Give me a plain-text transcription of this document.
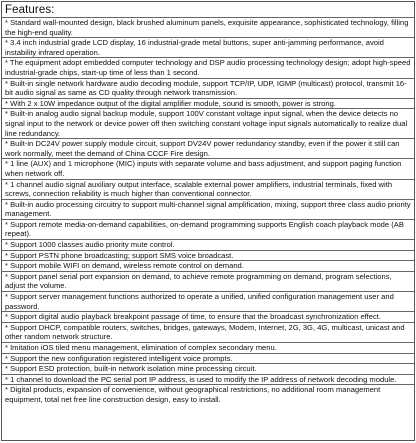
Features:
* Standard wall-mounted design, black brushed aluminum panels, exquisite appearance, sophisticated technology, filling the high-end quality.
* 3.4 inch industrial grade LCD display, 16 industrial-grade metal buttons, super anti-jamming performance, avoid instability infrared operation.
* The equipment adopt embedded computer technology and DSP audio processing technology design; adopt high-speed industrial-grade chips, start-up time of less than 1 second.
* Built-in single network hardware audio decoding module, support TCP/IP, UDP, IGMP (multicast) protocol, transmit 16-bit audio signal as same as CD quality through network transmission.
* With 2 x 10W impedance output of the digital amplifier module, sound is smooth, power is strong.
* Built-in analog audio signal backup module, support 100V constant voltage input signal, when the device detects no signal input to the network or device power off then switching constant voltage input signals automatically to realize dual line redundancy.
* Built-in DC24V power supply module circuit, support DV24V power redundancy standby, even if the power it still can work normally, meet the demand of China CCCF Fire design.
* 1 line (AUX) and 1 microphone (MIC) inputs with separate volume and bass adjustment, and support paging function when network off.
* 1 channel audio signal auxiliary output interface, scalable external power amplifiers, industrial terminals, fixed with screws, connection reliability is much higher than conventional connector.
* Built-in audio processing circuitry to support multi-channel signal amplification, mixing, support three class audio priority management.
* Support remote media-on-demand capabilities, on-demand programming supports English coach playback mode (AB repeat).
* Support 1000 classes audio priority mute control.
* Support PSTN phone broadcasting; support SMS voice broadcast.
* Support mobile WIFI on demand, wireless remote control on demand.
* Support panel serial port expansion on demand, to achieve remote programming on demand, program selections, adjust the volume.
* Support server management functions authorized to operate a unified, unified configuration management user and password.
* Support digital audio playback breakpoint passage of time, to ensure that the broadcast synchronization effect.
* Support DHCP, compatible routers, switches, bridges, gateways, Modem, Internet, 2G, 3G, 4G, multicast, unicast and other random network structure.
* Imitation iOS tiled menu management, elimination of complex secondary menu.
* Support the new configuration registered intelligent voice prompts.
* Support ESD protection, built-in network isolation mine processing circuit.
* 1 channel to download the PC serial port IP address, is used to modify the IP address of network decoding module.
* Digital products, expansion of convenience, without geographical restrictions, no additional room management equipment, total net free line construction design, easy to install.
